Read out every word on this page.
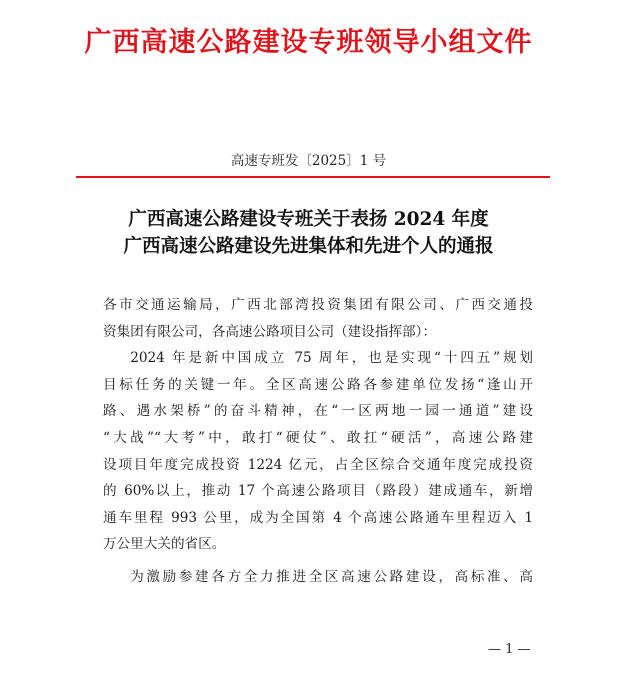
广西高速公路建设专班领导小组文件
高速专班发〔2025〕1 号
广西高速公路建设专班关于表扬 2024 年度
广西高速公路建设先进集体和先进个人的通报

各市交通运输局，广西北部湾投资集团有限公司、广西交通投
资集团有限公司，各高速公路项目公司（建设指挥部）：

2024 年是新中国成立 75 周年，也是实现“十四五”规划
目标任务的关键一年。全区高速公路各参建单位发扬“逢山开
路、遇水架桥”的奋斗精神，在“一区两地一园一通道”建设
“大战”“大考”中，敢打“硬仗”、敢扛“硬活”，高速公路建
设项目年度完成投资 1224 亿元，占全区综合交通年度完成投资
的 60%以上，推动 17 个高速公路项目（路段）建成通车，新增
通车里程 993 公里，成为全国第 4 个高速公路通车里程迈入 1
万公里大关的省区。

为激励参建各方全力推进全区高速公路建设，高标准、高

— 1 —
